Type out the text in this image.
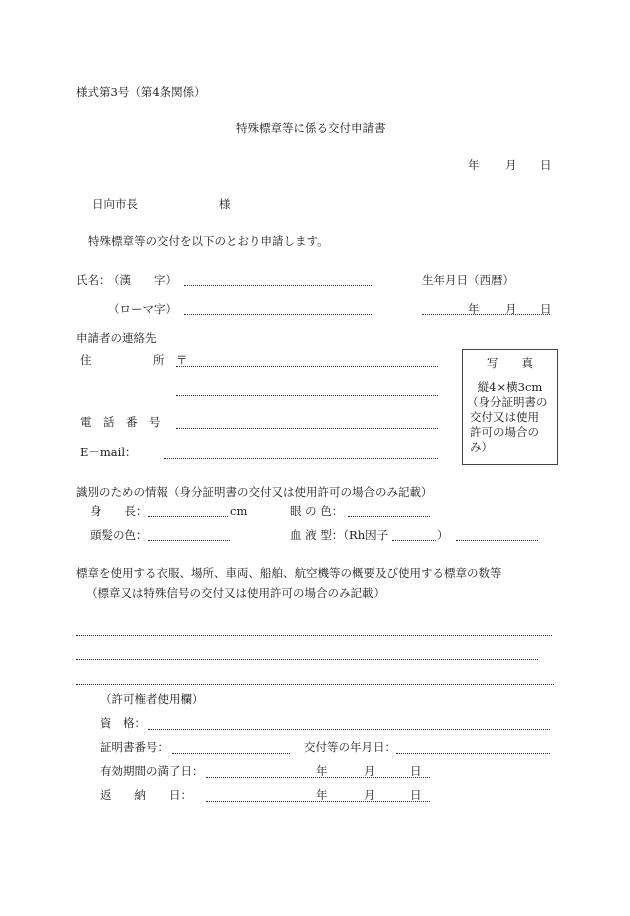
様式第3号（第4条関係）
特殊標章等に係る交付申請書
年 月 日
日向市長	様
特殊標章等の交付を以下のとおり申請します。
氏名：
（漢　　字）	生年月日（西暦）
（ローマ字）	年 月 日
申請者の連絡先
住	所 〒
電　話　番　号
E－mail：
写　　真
縦4×横3cm
（身分証明書の
交付又は使用
許可の場合の
み）
識別のための情報（身分証明書の交付又は使用許可の場合のみ記載）
身　　長：	cm	眼 の 色：
頭髪の色：	血 液 型：（Rh因子	）
標章を使用する衣服、場所、車両、船舶、航空機等の概要及び使用する標章の数等
（標章又は特殊信号の交付又は使用許可の場合のみ記載）
（許可権者使用欄）
資　格：
証明書番号：	交付等の年月日：
有効期間の満了日：	年	月	日
返　　納　　日：	年	月	日
